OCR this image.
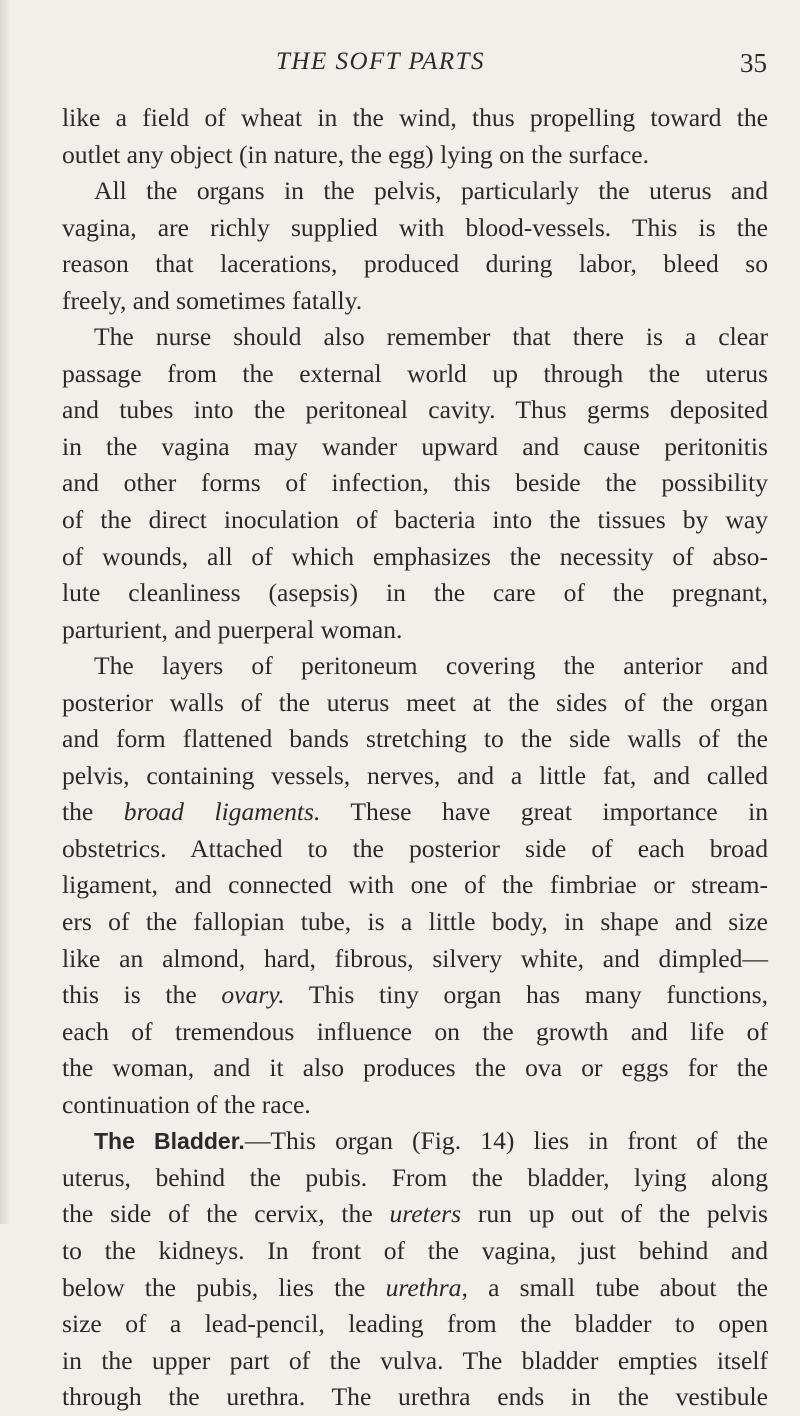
THE SOFT PARTS	35
like a field of wheat in the wind, thus propelling toward the
outlet any object (in nature, the egg) lying on the surface.
All the organs in the pelvis, particularly the uterus and
vagina, are richly supplied with blood-vessels. This is the
reason that lacerations, produced during labor, bleed so
freely, and sometimes fatally.
The nurse should also remember that there is a clear
passage from the external world up through the uterus
and tubes into the peritoneal cavity. Thus germs deposited
in the vagina may wander upward and cause peritonitis
and other forms of infection, this beside the possibility
of the direct inoculation of bacteria into the tissues by way
of wounds, all of which emphasizes the necessity of abso-
lute cleanliness (asepsis) in the care of the pregnant,
parturient, and puerperal woman.
The layers of peritoneum covering the anterior and
posterior walls of the uterus meet at the sides of the organ
and form flattened bands stretching to the side walls of the
pelvis, containing vessels, nerves, and a little fat, and called
the broad ligaments. These have great importance in
obstetrics. Attached to the posterior side of each broad
ligament, and connected with one of the fimbriae or stream-
ers of the fallopian tube, is a little body, in shape and size
like an almond, hard, fibrous, silvery white, and dimpled—
this is the ovary. This tiny organ has many functions,
each of tremendous influence on the growth and life of
the woman, and it also produces the ova or eggs for the
continuation of the race.
The Bladder.—This organ (Fig. 14) lies in front of the
uterus, behind the pubis. From the bladder, lying along
the side of the cervix, the ureters run up out of the pelvis
to the kidneys. In front of the vagina, just behind and
below the pubis, lies the urethra, a small tube about the
size of a lead-pencil, leading from the bladder to open
in the upper part of the vulva. The bladder empties itself
through the urethra. The urethra ends in the vestibule
